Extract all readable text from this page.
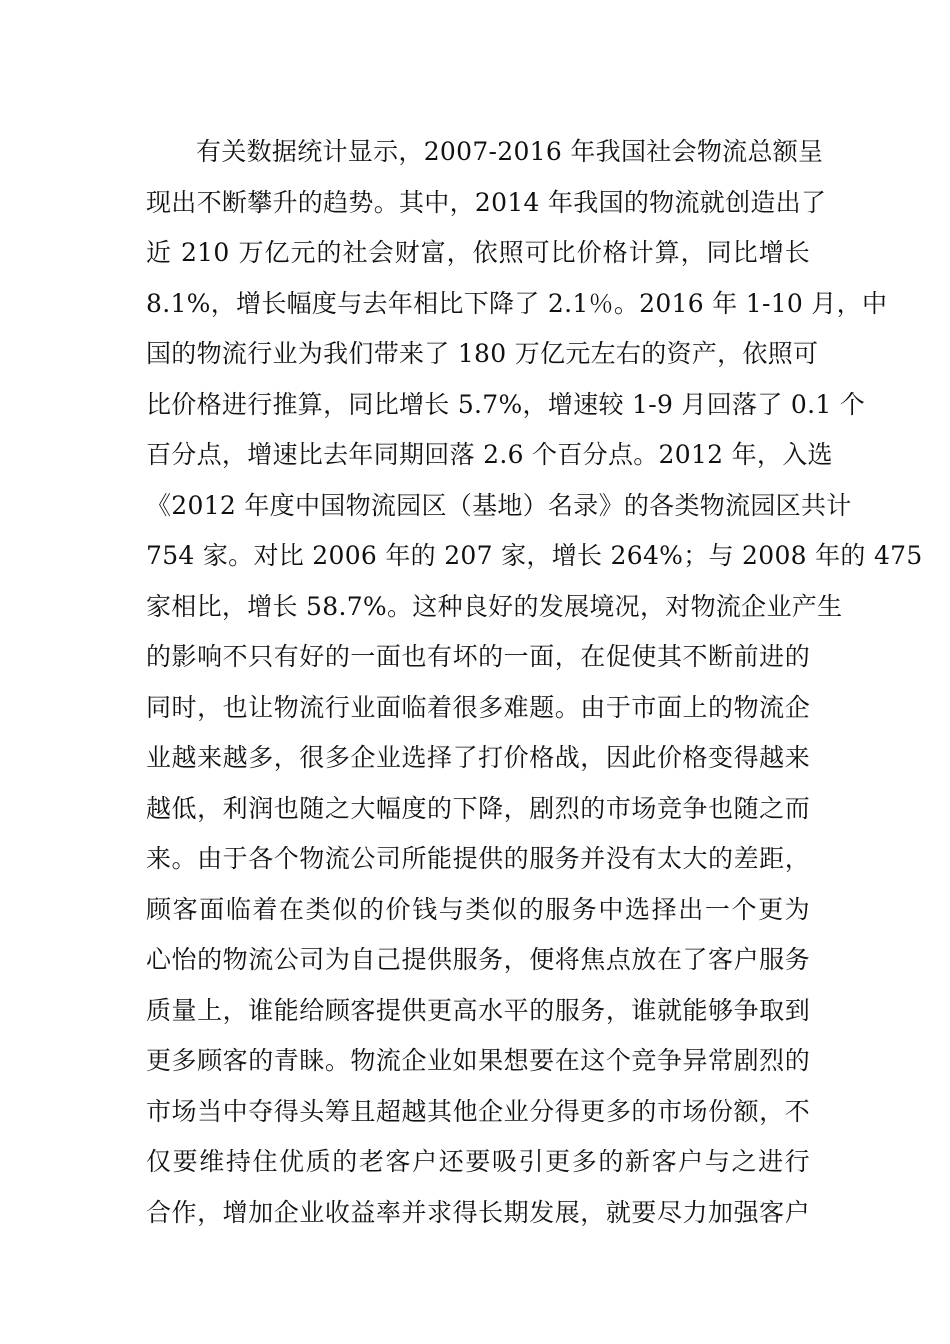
有关数据统计显示，2007-2016 年我国社会物流总额呈
现出不断攀升的趋势。其中，2014 年我国的物流就创造出了
近 210 万亿元的社会财富，依照可比价格计算，同比增长
8.1%，增长幅度与去年相比下降了 2.1％。2016 年 1-10 月，中
国的物流行业为我们带来了 180 万亿元左右的资产，依照可
比价格进行推算，同比增长 5.7%，增速较 1-9 月回落了 0.1 个
百分点，增速比去年同期回落 2.6 个百分点。2012 年，入选
《2012 年度中国物流园区（基地）名录》的各类物流园区共计
754 家。对比 2006 年的 207 家，增长 264%；与 2008 年的 475
家相比，增长 58.7%。这种良好的发展境况，对物流企业产生
的影响不只有好的一面也有坏的一面，在促使其不断前进的
同时，也让物流行业面临着很多难题。由于市面上的物流企
业越来越多，很多企业选择了打价格战，因此价格变得越来
越低，利润也随之大幅度的下降，剧烈的市场竞争也随之而
来。由于各个物流公司所能提供的服务并没有太大的差距，
顾客面临着在类似的价钱与类似的服务中选择出一个更为
心怡的物流公司为自己提供服务，便将焦点放在了客户服务
质量上，谁能给顾客提供更高水平的服务，谁就能够争取到
更多顾客的青睐。物流企业如果想要在这个竞争异常剧烈的
市场当中夺得头筹且超越其他企业分得更多的市场份额，不
仅要维持住优质的老客户还要吸引更多的新客户与之进行
合作，增加企业收益率并求得长期发展，就要尽力加强客户
